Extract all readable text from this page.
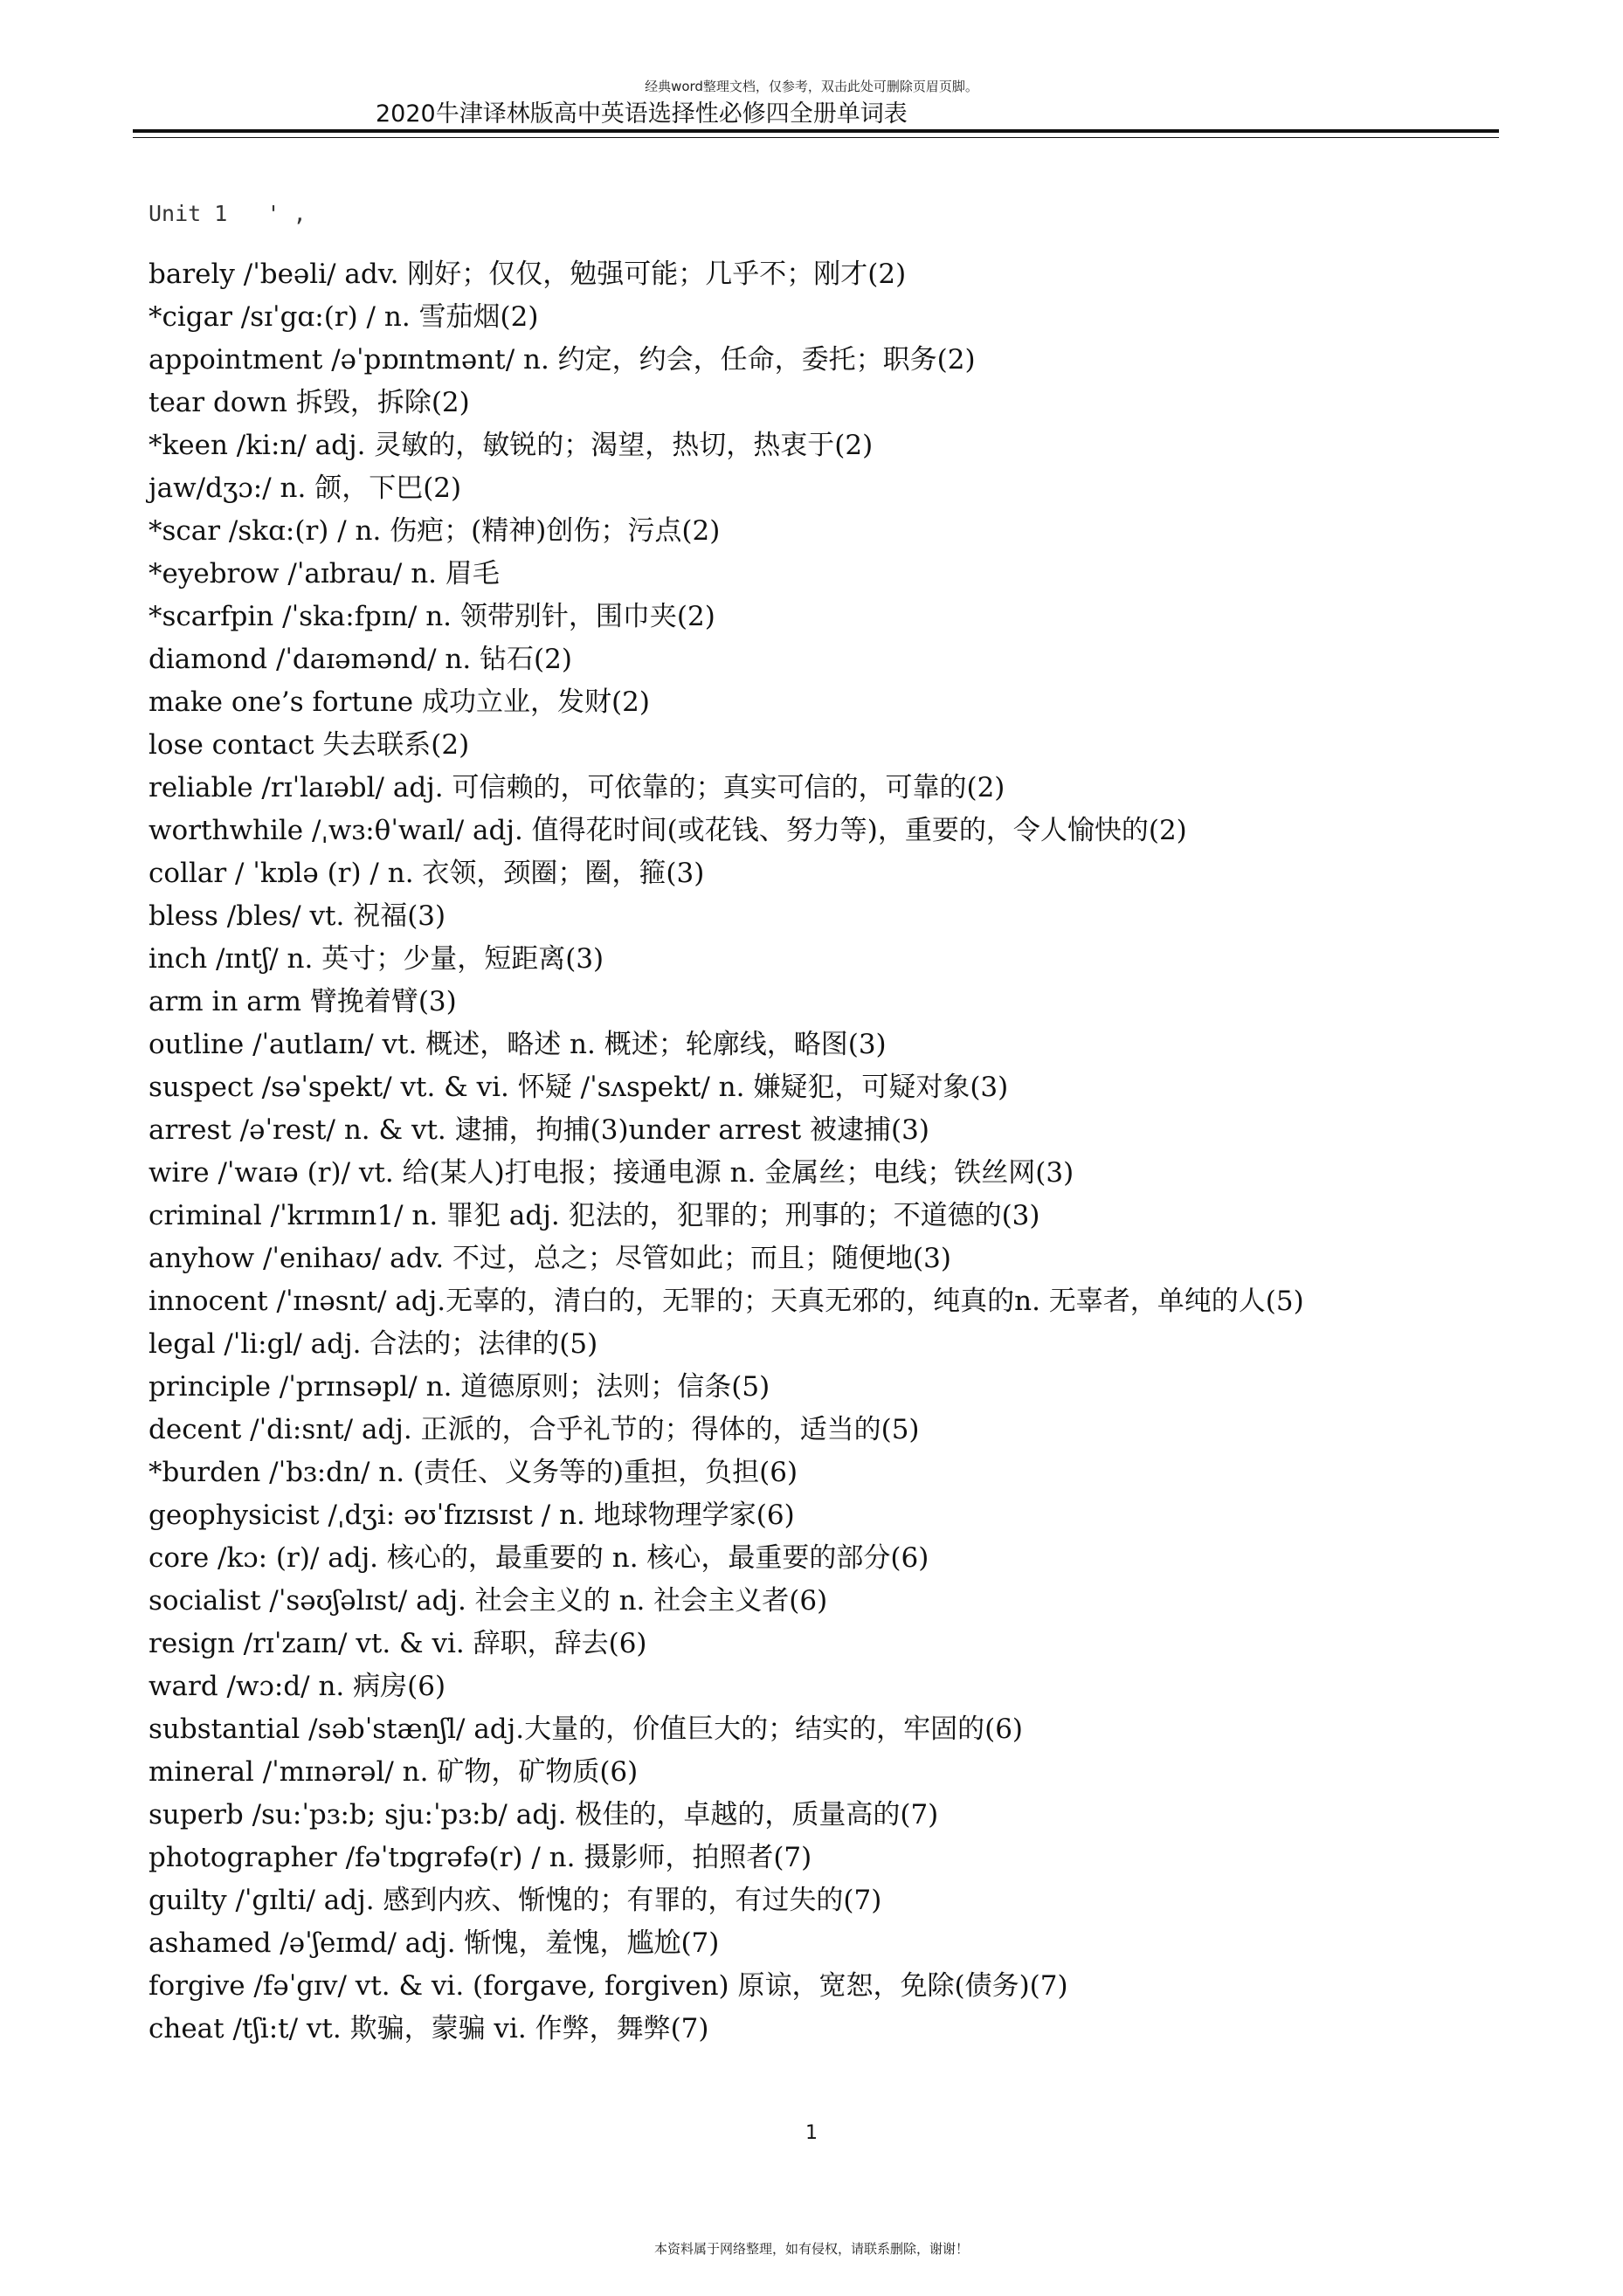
经典word整理文档，仅参考，双击此处可删除页眉页脚。
2020牛津译林版高中英语选择性必修四全册单词表
Unit 1   ' ,
barely /ˈbeəli/ adv. 刚好；仅仅，勉强可能；几乎不；刚才(2)
*cigar /sɪˈgɑ:(r) / n. 雪茄烟(2)
appointment /əˈpɒɪntmənt/ n. 约定，约会，任命，委托；职务(2)
tear down 拆毁，拆除(2)
*keen /ki:n/ adj. 灵敏的，敏锐的；渴望，热切，热衷于(2)
jaw/dʒɔ:/ n. 颌，下巴(2)
*scar /skɑ:(r) / n. 伤疤；(精神)创伤；污点(2)
*eyebrow /ˈaɪbrau/ n. 眉毛
*scarfpin /ˈska:fpɪn/ n. 领带别针，围巾夹(2)
diamond /ˈdaɪəmənd/ n. 钻石(2)
make one’s fortune 成功立业，发财(2)
lose contact 失去联系(2)
reliable /rɪˈlaɪəbl/ adj. 可信赖的，可依靠的；真实可信的，可靠的(2)
worthwhile /ˌwɜ:θˈwaɪl/ adj. 值得花时间(或花钱、努力等)，重要的，令人愉快的(2)
collar / ˈkɒlə (r) / n. 衣领，颈圈；圈，箍(3)
bless /bles/ vt. 祝福(3)
inch /ɪntʃ/ n. 英寸；少量，短距离(3)
arm in arm 臂挽着臂(3)
outline /ˈautlaɪn/ vt. 概述，略述 n. 概述；轮廓线，略图(3)
suspect /səˈspekt/ vt. & vi. 怀疑 /ˈsʌspekt/ n. 嫌疑犯，可疑对象(3)
arrest /əˈrest/ n. & vt. 逮捕，拘捕(3)under arrest 被逮捕(3)
wire /ˈwaɪə (r)/ vt. 给(某人)打电报；接通电源 n. 金属丝；电线；铁丝网(3)
criminal /ˈkrɪmɪn1/ n. 罪犯 adj. 犯法的，犯罪的；刑事的；不道德的(3)
anyhow /ˈenihaʊ/ adv. 不过，总之；尽管如此；而且；随便地(3)
innocent /ˈɪnəsnt/ adj.无辜的，清白的，无罪的；天真无邪的，纯真的n. 无辜者，单纯的人(5)
legal /ˈli:gl/ adj. 合法的；法律的(5)
principle /ˈprɪnsəpl/ n. 道德原则；法则；信条(5)
decent /ˈdi:snt/ adj. 正派的，合乎礼节的；得体的，适当的(5)
*burden /ˈbɜ:dn/ n. (责任、义务等的)重担，负担(6)
geophysicist /ˌdʒi: əʊˈfɪzɪsɪst / n. 地球物理学家(6)
core /kɔ: (r)/ adj. 核心的，最重要的 n. 核心，最重要的部分(6)
socialist /ˈsəʊʃəlɪst/ adj. 社会主义的 n. 社会主义者(6)
resign /rɪˈzaɪn/ vt. & vi. 辞职，辞去(6)
ward /wɔ:d/ n. 病房(6)
substantial /səbˈstænʃl/ adj.大量的，价值巨大的；结实的，牢固的(6)
mineral /ˈmɪnərəl/ n. 矿物，矿物质(6)
superb /su:ˈpɜ:b; sju:ˈpɜ:b/ adj. 极佳的，卓越的，质量高的(7)
photographer /fəˈtɒgrəfə(r) / n. 摄影师，拍照者(7)
guilty /ˈgɪlti/ adj. 感到内疚、惭愧的；有罪的，有过失的(7)
ashamed /əˈʃeɪmd/ adj. 惭愧，羞愧，尴尬(7)
forgive /fəˈgɪv/ vt. & vi. (forgave, forgiven) 原谅，宽恕，免除(债务)(7)
cheat /tʃi:t/ vt. 欺骗，蒙骗 vi. 作弊，舞弊(7)
1
本资料属于网络整理，如有侵权，请联系删除，谢谢！
